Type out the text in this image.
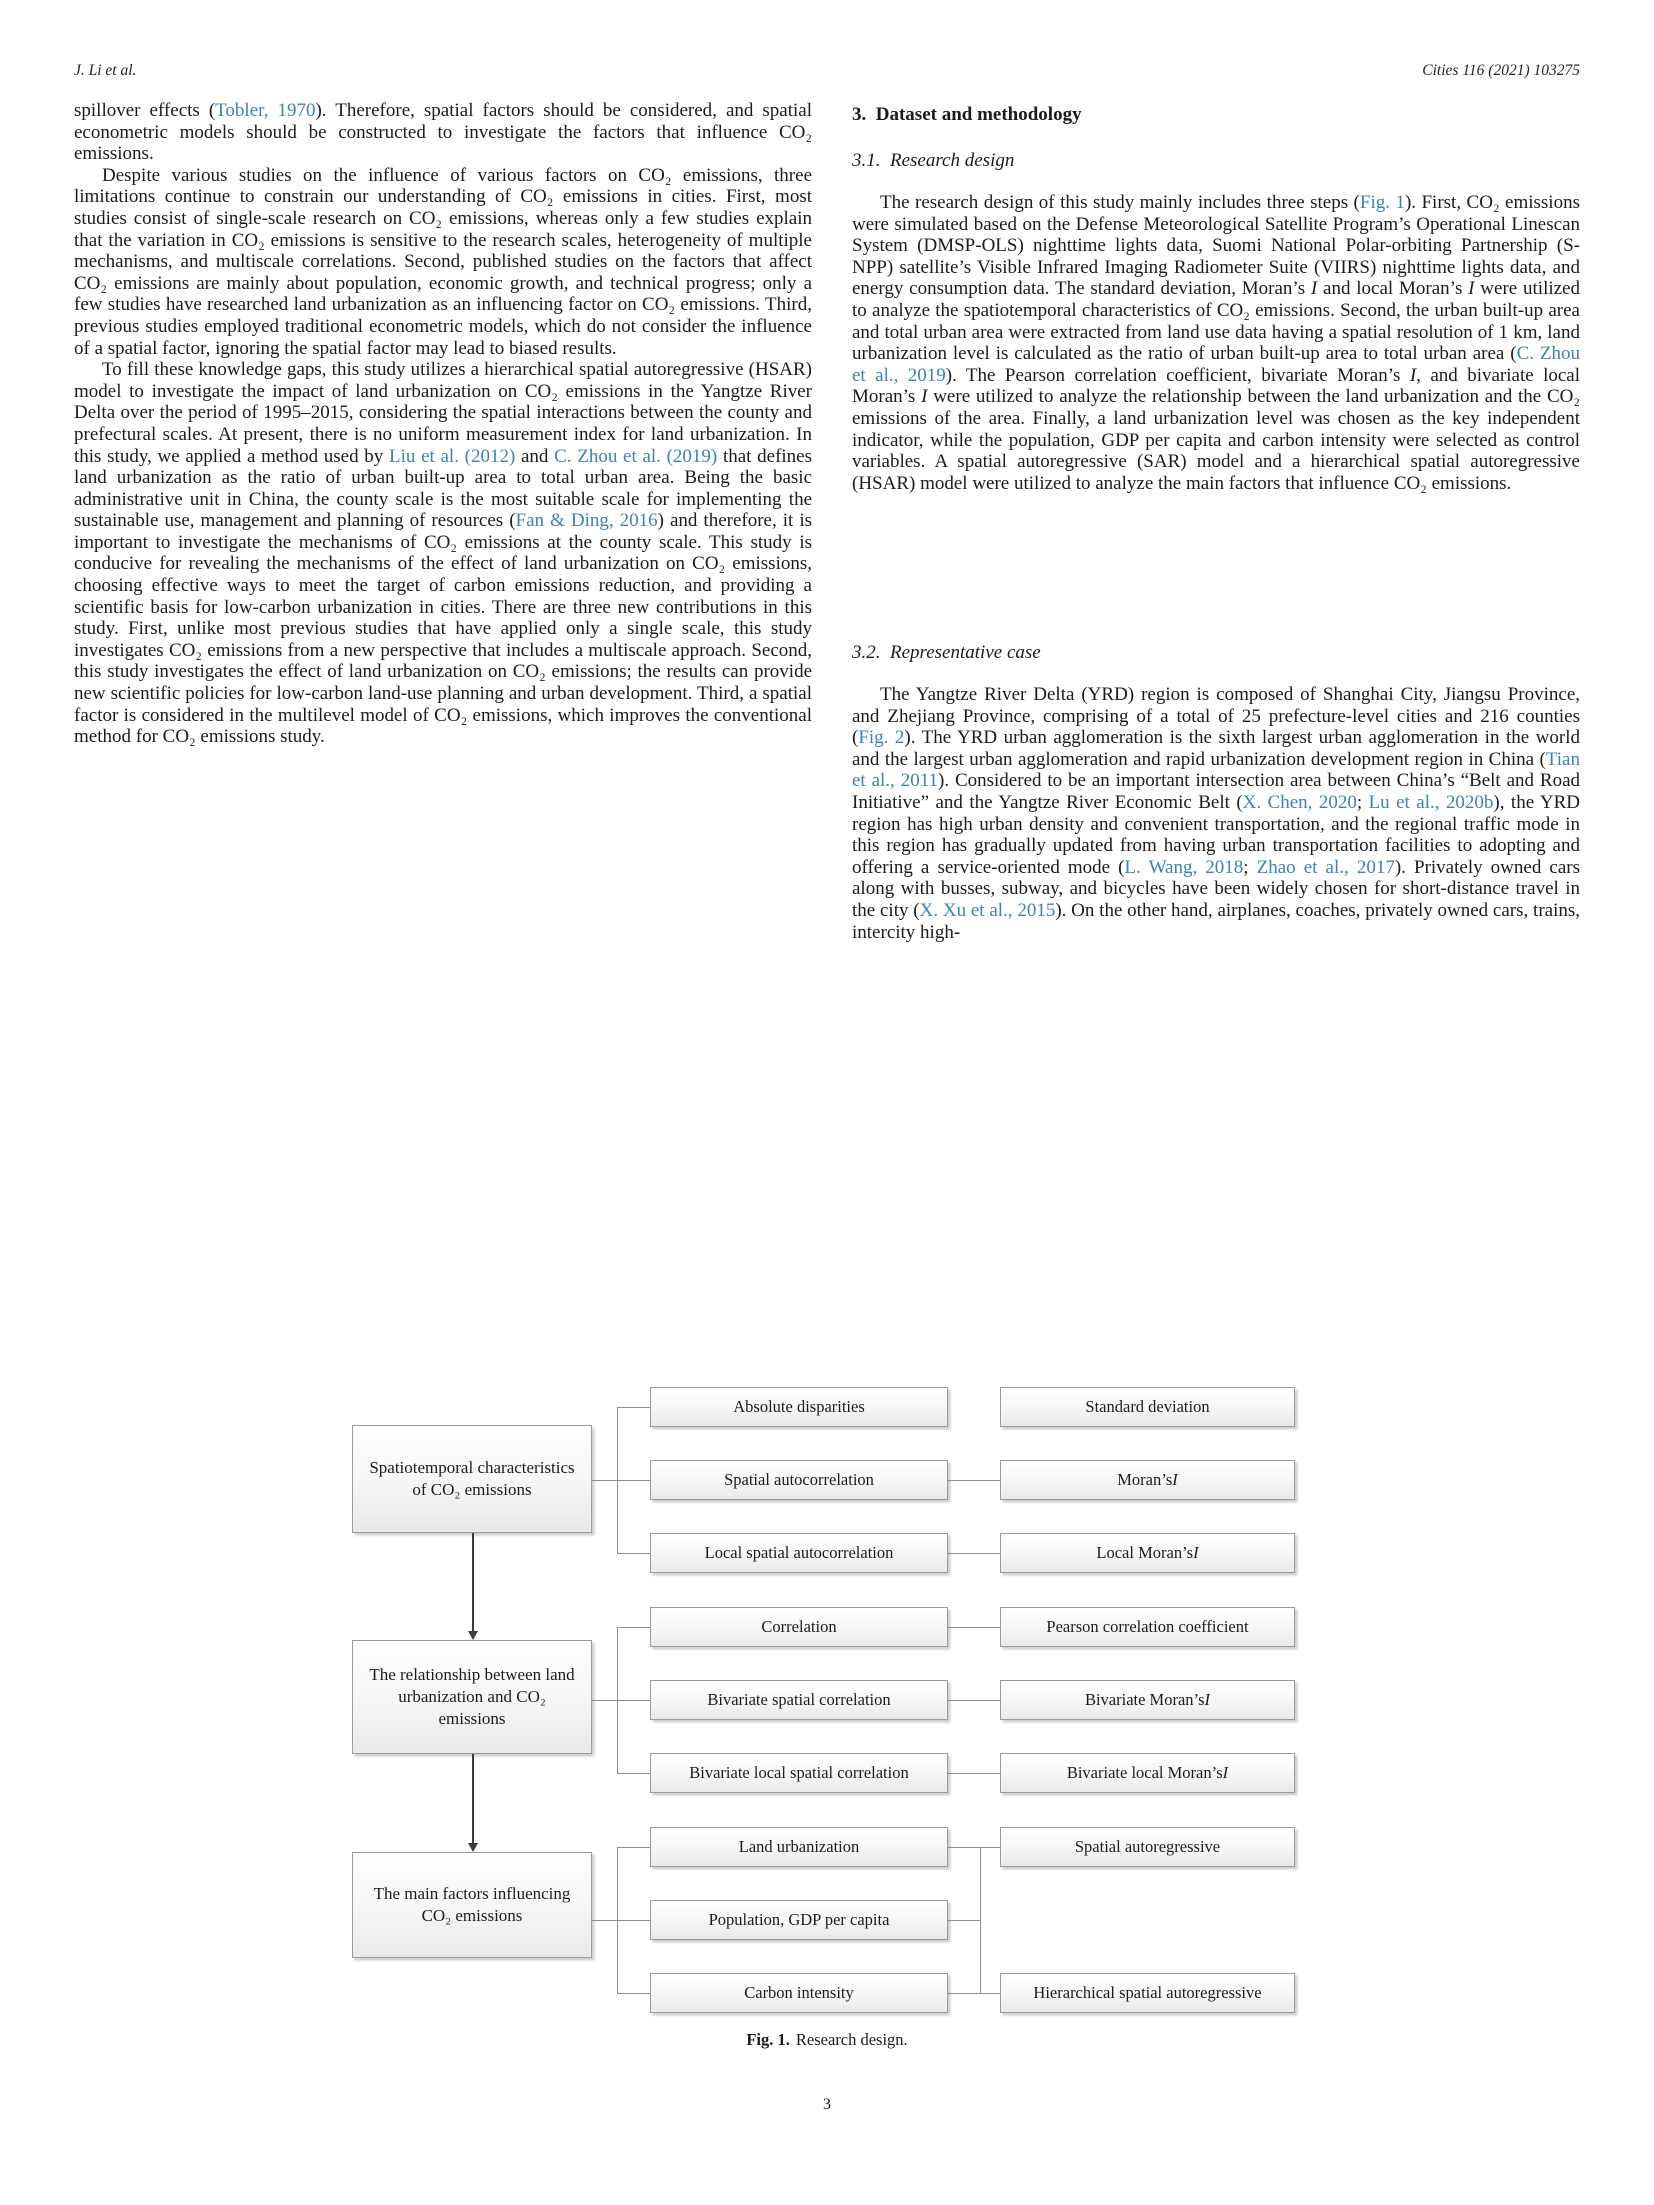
J. Li et al.	Cities 116 (2021) 103275

spillover effects (Tobler, 1970). Therefore, spatial factors should be considered, and spatial econometric models should be constructed to investigate the factors that influence CO₂ emissions.

Despite various studies on the influence of various factors on CO₂ emissions, three limitations continue to constrain our understanding of CO₂ emissions in cities. First, most studies consist of single-scale research on CO₂ emissions, whereas only a few studies explain that the variation in CO₂ emissions is sensitive to the research scales, heterogeneity of multiple mechanisms, and multiscale correlations. Second, published studies on the factors that affect CO₂ emissions are mainly about population, economic growth, and technical progress; only a few studies have researched land urbanization as an influencing factor on CO₂ emissions. Third, previous studies employed traditional econometric models, which do not consider the influence of a spatial factor, ignoring the spatial factor may lead to biased results.

To fill these knowledge gaps, this study utilizes a hierarchical spatial autoregressive (HSAR) model to investigate the impact of land urbanization on CO₂ emissions in the Yangtze River Delta over the period of 1995–2015, considering the spatial interactions between the county and prefectural scales. At present, there is no uniform measurement index for land urbanization. In this study, we applied a method used by Liu et al. (2012) and C. Zhou et al. (2019) that defines land urbanization as the ratio of urban built-up area to total urban area. Being the basic administrative unit in China, the county scale is the most suitable scale for implementing the sustainable use, management and planning of resources (Fan & Ding, 2016) and therefore, it is important to investigate the mechanisms of CO₂ emissions at the county scale. This study is conducive for revealing the mechanisms of the effect of land urbanization on CO₂ emissions, choosing effective ways to meet the target of carbon emissions reduction, and providing a scientific basis for low-carbon urbanization in cities. There are three new contributions in this study. First, unlike most previous studies that have applied only a single scale, this study investigates CO₂ emissions from a new perspective that includes a multiscale approach. Second, this study investigates the effect of land urbanization on CO₂ emissions; the results can provide new scientific policies for low-carbon land-use planning and urban development. Third, a spatial factor is considered in the multilevel model of CO₂ emissions, which improves the conventional method for CO₂ emissions study.

3.  Dataset and methodology
3.1.  Research design

The research design of this study mainly includes three steps (Fig. 1). First, CO₂ emissions were simulated based on the Defense Meteorological Satellite Program’s Operational Linescan System (DMSP-OLS) nighttime lights data, Suomi National Polar-orbiting Partnership (S-NPP) satellite’s Visible Infrared Imaging Radiometer Suite (VIIRS) nighttime lights data, and energy consumption data. The standard deviation, Moran’s I and local Moran’s I were utilized to analyze the spatiotemporal characteristics of CO₂ emissions. Second, the urban built-up area and total urban area were extracted from land use data having a spatial resolution of 1 km, land urbanization level is calculated as the ratio of urban built-up area to total urban area (C. Zhou et al., 2019). The Pearson correlation coefficient, bivariate Moran’s I, and bivariate local Moran’s I were utilized to analyze the relationship between the land urbanization and the CO₂ emissions of the area. Finally, a land urbanization level was chosen as the key independent indicator, while the population, GDP per capita and carbon intensity were selected as control variables. A spatial autoregressive (SAR) model and a hierarchical spatial autoregressive (HSAR) model were utilized to analyze the main factors that influence CO₂ emissions.

3.2.  Representative case

The Yangtze River Delta (YRD) region is composed of Shanghai City, Jiangsu Province, and Zhejiang Province, comprising of a total of 25 prefecture-level cities and 216 counties (Fig. 2). The YRD urban agglomeration is the sixth largest urban agglomeration in the world and the largest urban agglomeration and rapid urbanization development region in China (Tian et al., 2011). Considered to be an important intersection area between China’s “Belt and Road Initiative” and the Yangtze River Economic Belt (X. Chen, 2020; Lu et al., 2020b), the YRD region has high urban density and convenient transportation, and the regional traffic mode in this region has gradually updated from having urban transportation facilities to adopting and offering a service-oriented mode (L. Wang, 2018; Zhao et al., 2017). Privately owned cars along with busses, subway, and bicycles have been widely chosen for short-distance travel in the city (X. Xu et al., 2015). On the other hand, airplanes, coaches, privately owned cars, trains, intercity high-

Fig. 1. Research design.
Spatiotemporal characteristics of CO₂ emissions
Absolute disparities	Standard deviation
Spatial autocorrelation	Moran’s I
Local spatial autocorrelation	Local Moran’s I
The relationship between land urbanization and CO₂ emissions
Correlation	Pearson correlation coefficient
Bivariate spatial correlation	Bivariate Moran’s I
Bivariate local spatial correlation	Bivariate local Moran’s I
The main factors influencing CO₂ emissions
Land urbanization	Spatial autoregressive
Population, GDP per capita
Carbon intensity	Hierarchical spatial autoregressive
3
